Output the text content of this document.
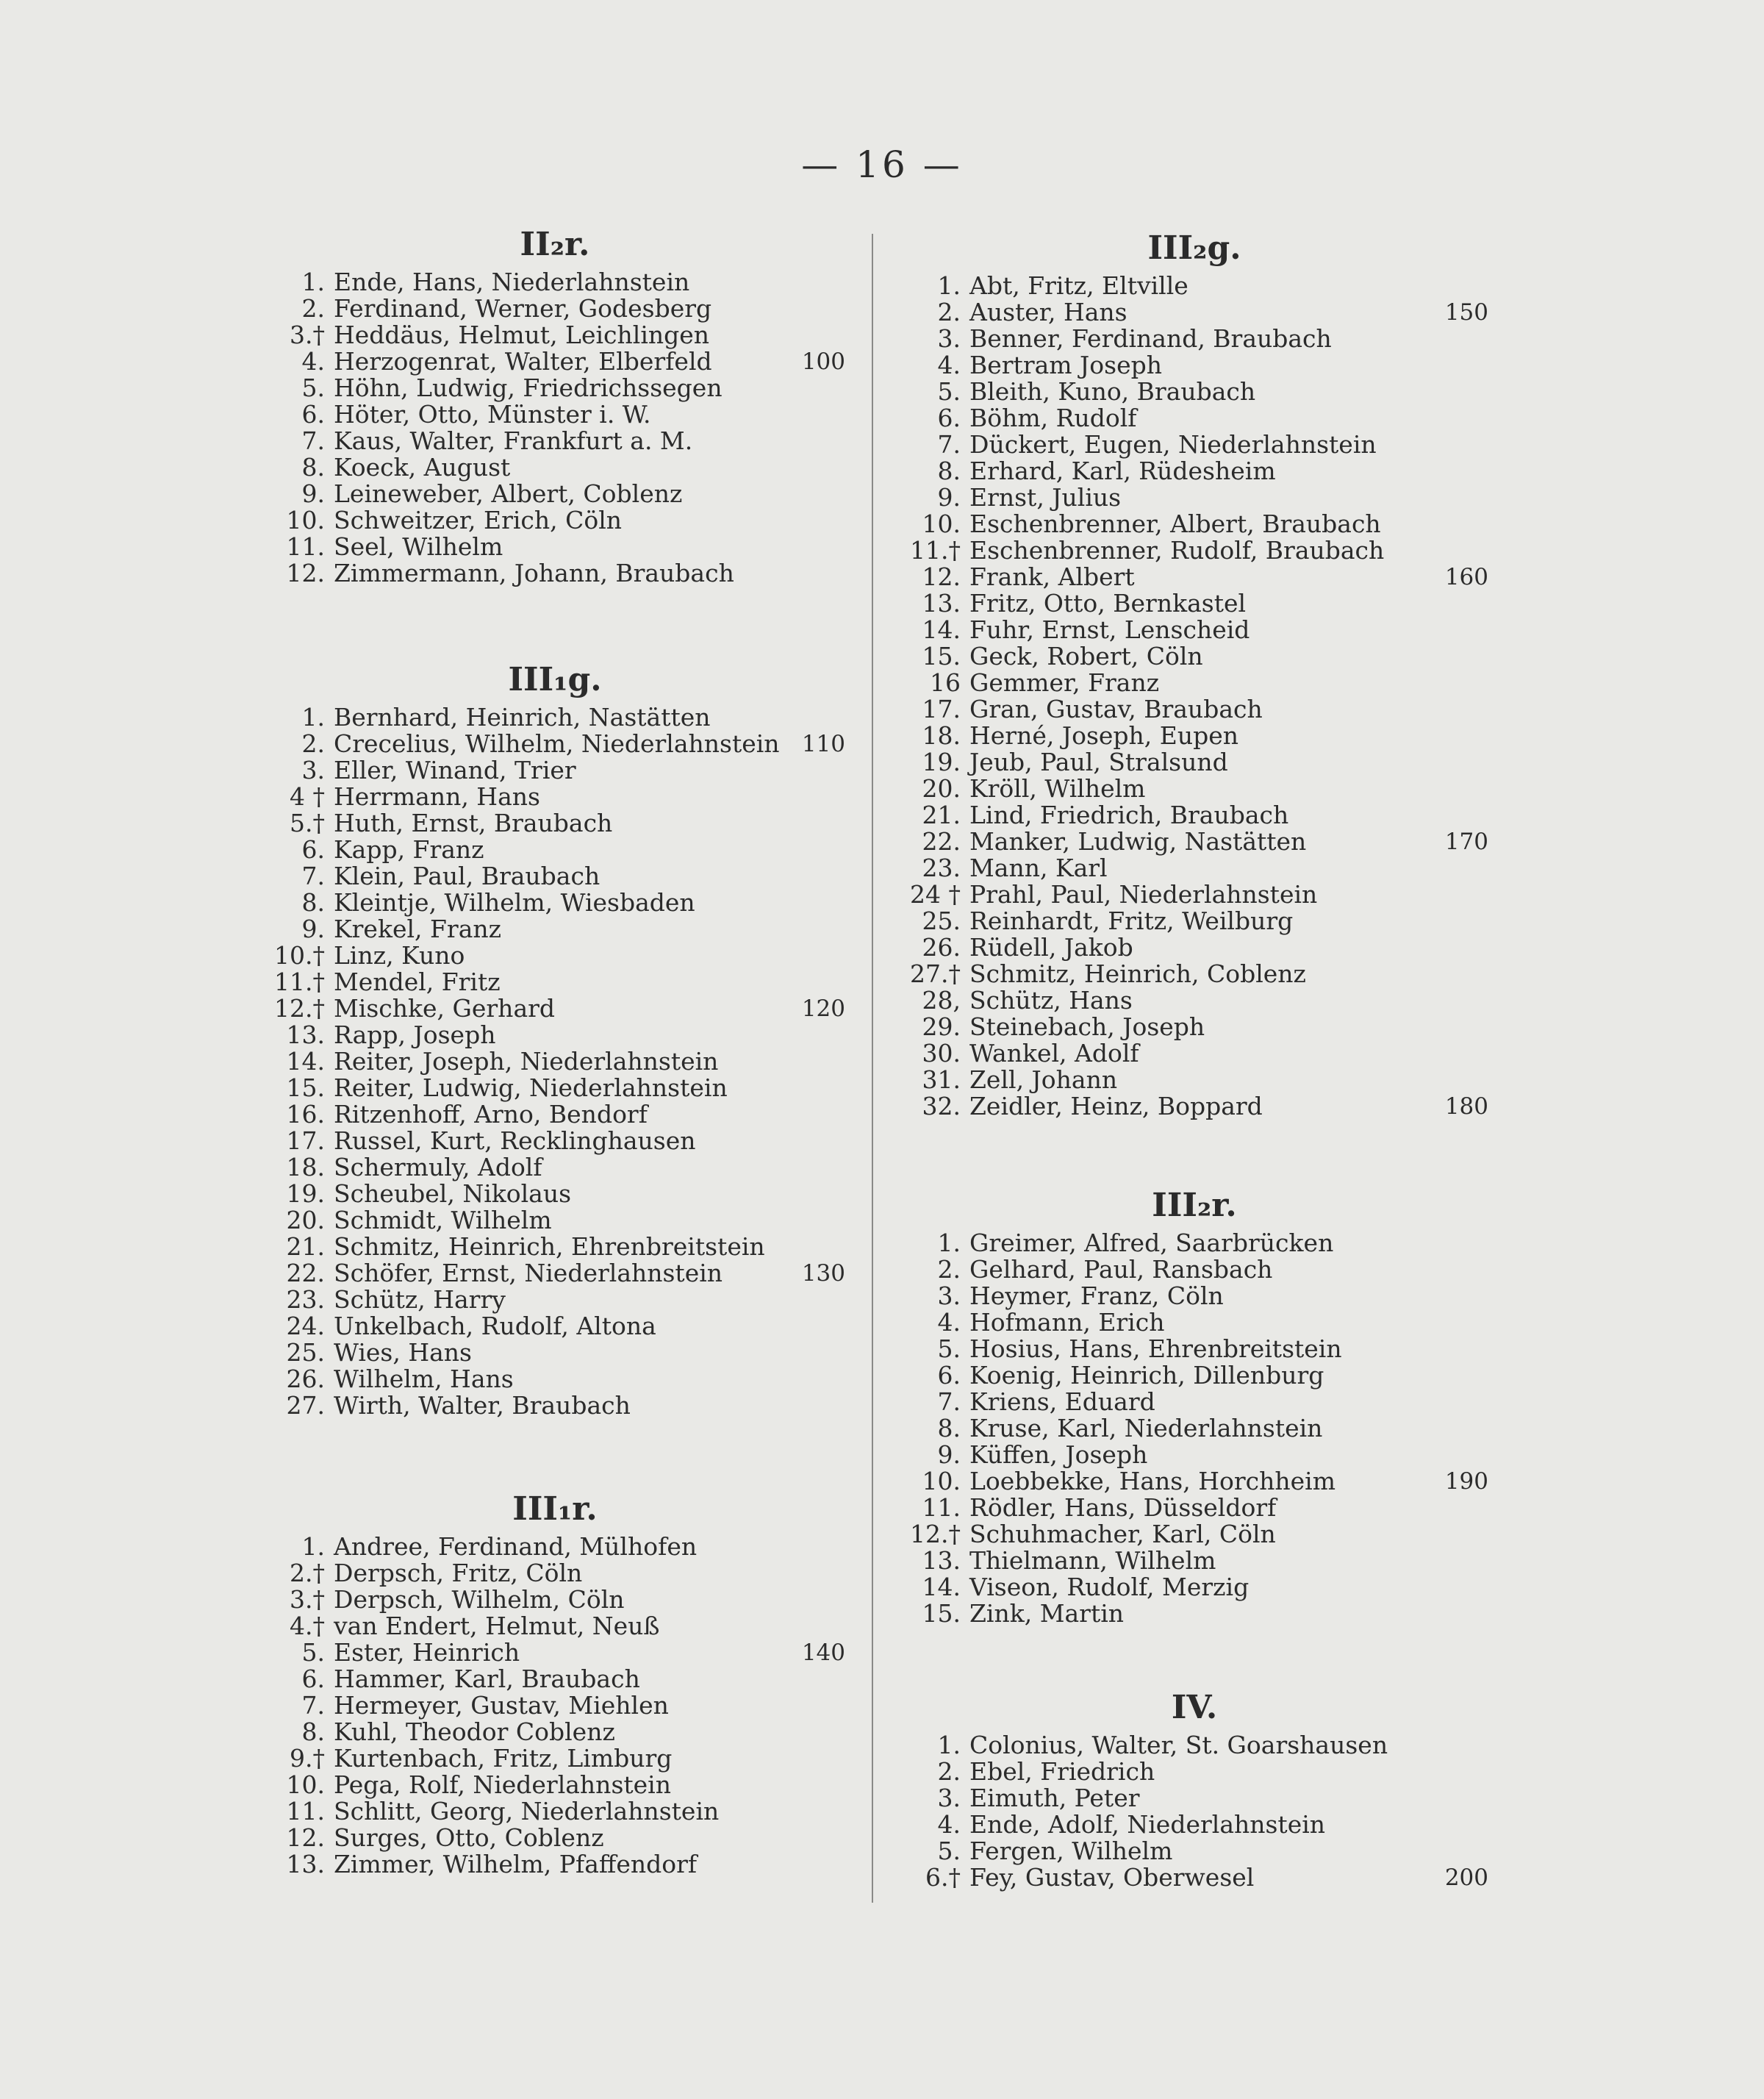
— 16 —
II₂r.
1. Ende, Hans, Niederlahnstein
2. Ferdinand, Werner, Godesberg
3.† Heddäus, Helmut, Leichlingen
4. Herzogenrat, Walter, Elberfeld	100
5. Höhn, Ludwig, Friedrichssegen
6. Höter, Otto, Münster i. W.
7. Kaus, Walter, Frankfurt a. M.
8. Koeck, August
9. Leineweber, Albert, Coblenz
10. Schweitzer, Erich, Cöln
11. Seel, Wilhelm
12. Zimmermann, Johann, Braubach
III₁g.
1. Bernhard, Heinrich, Nastätten
2. Crecelius, Wilhelm, Niederlahnstein 110
3. Eller, Winand, Trier
4 † Herrmann, Hans
5.† Huth, Ernst, Braubach
6. Kapp, Franz
7. Klein, Paul, Braubach
8. Kleintje, Wilhelm, Wiesbaden
9. Krekel, Franz
10.† Linz, Kuno
11.† Mendel, Fritz
12.† Mischke, Gerhard	120
13. Rapp, Joseph
14. Reiter, Joseph, Niederlahnstein
15. Reiter, Ludwig, Niederlahnstein
16. Ritzenhoff, Arno, Bendorf
17. Russel, Kurt, Recklinghausen
18. Schermuly, Adolf
19. Scheubel, Nikolaus
20. Schmidt, Wilhelm
21. Schmitz, Heinrich, Ehrenbreitstein
22. Schöfer, Ernst, Niederlahnstein	130
23. Schütz, Harry
24. Unkelbach, Rudolf, Altona
25. Wies, Hans
26. Wilhelm, Hans
27. Wirth, Walter, Braubach
III₁r.
1. Andree, Ferdinand, Mülhofen
2.† Derpsch, Fritz, Cöln
3.† Derpsch, Wilhelm, Cöln
4.† van Endert, Helmut, Neuß
5. Ester, Heinrich	140
6. Hammer, Karl, Braubach
7. Hermeyer, Gustav, Miehlen
8. Kuhl, Theodor Coblenz
9.† Kurtenbach, Fritz, Limburg
10. Pega, Rolf, Niederlahnstein
11. Schlitt, Georg, Niederlahnstein
12. Surges, Otto, Coblenz
13. Zimmer, Wilhelm, Pfaffendorf
III₂g.
1. Abt, Fritz, Eltville
2. Auster, Hans	150
3. Benner, Ferdinand, Braubach
4. Bertram Joseph
5. Bleith, Kuno, Braubach
6. Böhm, Rudolf
7. Dückert, Eugen, Niederlahnstein
8. Erhard, Karl, Rüdesheim
9. Ernst, Julius
10. Eschenbrenner, Albert, Braubach
11.† Eschenbrenner, Rudolf, Braubach
12. Frank, Albert	160
13. Fritz, Otto, Bernkastel
14. Fuhr, Ernst, Lenscheid
15. Geck, Robert, Cöln
16 Gemmer, Franz
17. Gran, Gustav, Braubach
18. Herné, Joseph, Eupen
19. Jeub, Paul, Stralsund
20. Kröll, Wilhelm
21. Lind, Friedrich, Braubach
22. Manker, Ludwig, Nastätten	170
23. Mann, Karl
24 † Prahl, Paul, Niederlahnstein
25. Reinhardt, Fritz, Weilburg
26. Rüdell, Jakob
27.† Schmitz, Heinrich, Coblenz
28, Schütz, Hans
29. Steinebach, Joseph
30. Wankel, Adolf
31. Zell, Johann
32. Zeidler, Heinz, Boppard	180
III₂r.
1. Greimer, Alfred, Saarbrücken
2. Gelhard, Paul, Ransbach
3. Heymer, Franz, Cöln
4. Hofmann, Erich
5. Hosius, Hans, Ehrenbreitstein
6. Koenig, Heinrich, Dillenburg
7. Kriens, Eduard
8. Kruse, Karl, Niederlahnstein
9. Küffen, Joseph
10. Loebbekke, Hans, Horchheim	190
11. Rödler, Hans, Düsseldorf
12.† Schuhmacher, Karl, Cöln
13. Thielmann, Wilhelm
14. Viseon, Rudolf, Merzig
15. Zink, Martin
IV.
1. Colonius, Walter, St. Goarshausen
2. Ebel, Friedrich
3. Eimuth, Peter
4. Ende, Adolf, Niederlahnstein
5. Fergen, Wilhelm
6.† Fey, Gustav, Oberwesel	200
